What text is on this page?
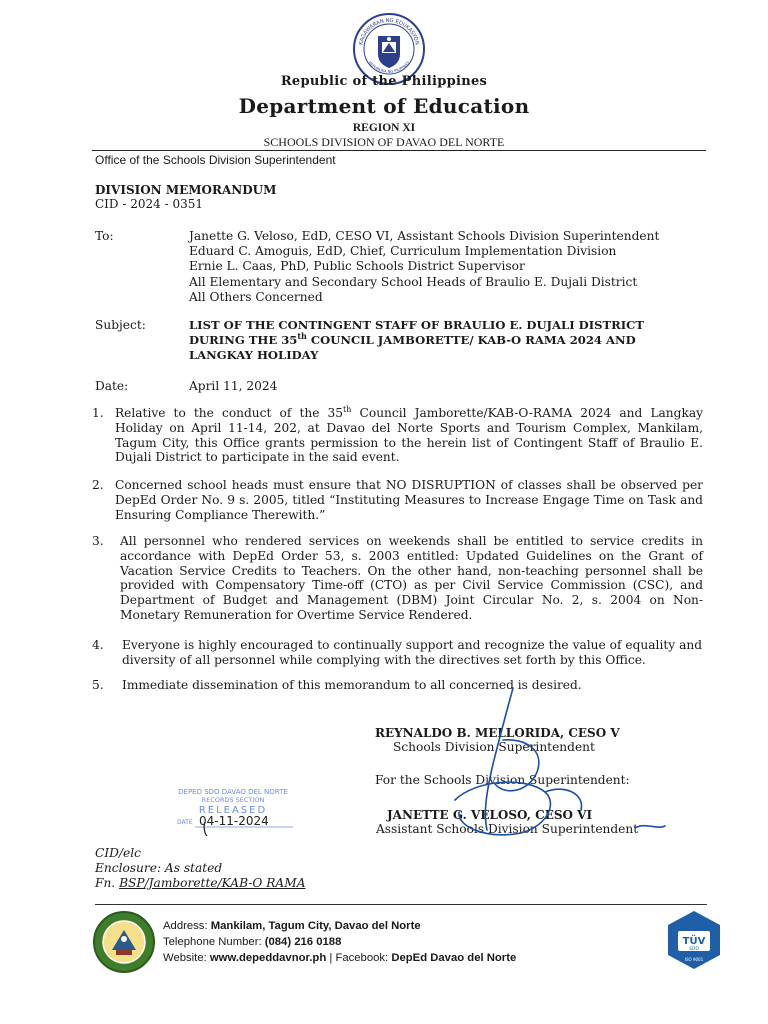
KAGAWARAN NG EDUKASYON
REPUBLIKA NG PILIPINAS
Republic of the Philippines
Department of Education
REGION XI
SCHOOLS DIVISION OF DAVAO DEL NORTE
Office of the Schools Division Superintendent
DIVISION MEMORANDUM
CID - 2024 - 0351
To:	Janette G. Veloso, EdD, CESO VI, Assistant Schools Division Superintendent
Eduard C. Amoguis, EdD, Chief, Curriculum Implementation Division
Ernie L. Caas, PhD, Public Schools District Supervisor
All Elementary and Secondary School Heads of Braulio E. Dujali District
All Others Concerned
Subject:	LIST OF THE CONTINGENT STAFF OF BRAULIO E. DUJALI DISTRICT
DURING THE 35th COUNCIL JAMBORETTE/ KAB-O RAMA 2024 AND
LANGKAY HOLIDAY
Date:	April 11, 2024
1. Relative to the conduct of the 35th Council Jamborette/KAB-O-RAMA 2024 and Langkay Holiday on April 11-14, 202, at Davao del Norte Sports and Tourism Complex, Mankilam, Tagum City, this Office grants permission to the herein list of Contingent Staff of Braulio E. Dujali District to participate in the said event.
2. Concerned school heads must ensure that NO DISRUPTION of classes shall be observed per DepEd Order No. 9 s. 2005, titled “Instituting Measures to Increase Engage Time on Task and Ensuring Compliance Therewith.”
3. All personnel who rendered services on weekends shall be entitled to service credits in accordance with DepEd Order 53, s. 2003 entitled: Updated Guidelines on the Grant of Vacation Service Credits to Teachers. On the other hand, non-teaching personnel shall be provided with Compensatory Time-off (CTO) as per Civil Service Commission (CSC), and Department of Budget and Management (DBM) Joint Circular No. 2, s. 2004 on Non-Monetary Remuneration for Overtime Service Rendered.
4. Everyone is highly encouraged to continually support and recognize the value of equality and diversity of all personnel while complying with the directives set forth by this Office.
5. Immediate dissemination of this memorandum to all concerned is desired.
REYNALDO B. MELLORIDA, CESO V
Schools Division Superintendent
For the Schools Division Superintendent:
JANETTE G. VELOSO, CESO VI
Assistant Schools Division Superintendent
DEPED SDO DAVAO DEL NORTE
RECORDS SECTION
RELEASED
DATE 04-11-2024
CID/elc
Enclosure: As stated
Fn. BSP/Jamborette/KAB-O RAMA
Address: Mankilam, Tagum City, Davao del Norte
Telephone Number: (084) 216 0188
Website: www.depeddavnor.ph | Facebook: DepEd Davao del Norte
TÜV
SÜD
ISO 9001
